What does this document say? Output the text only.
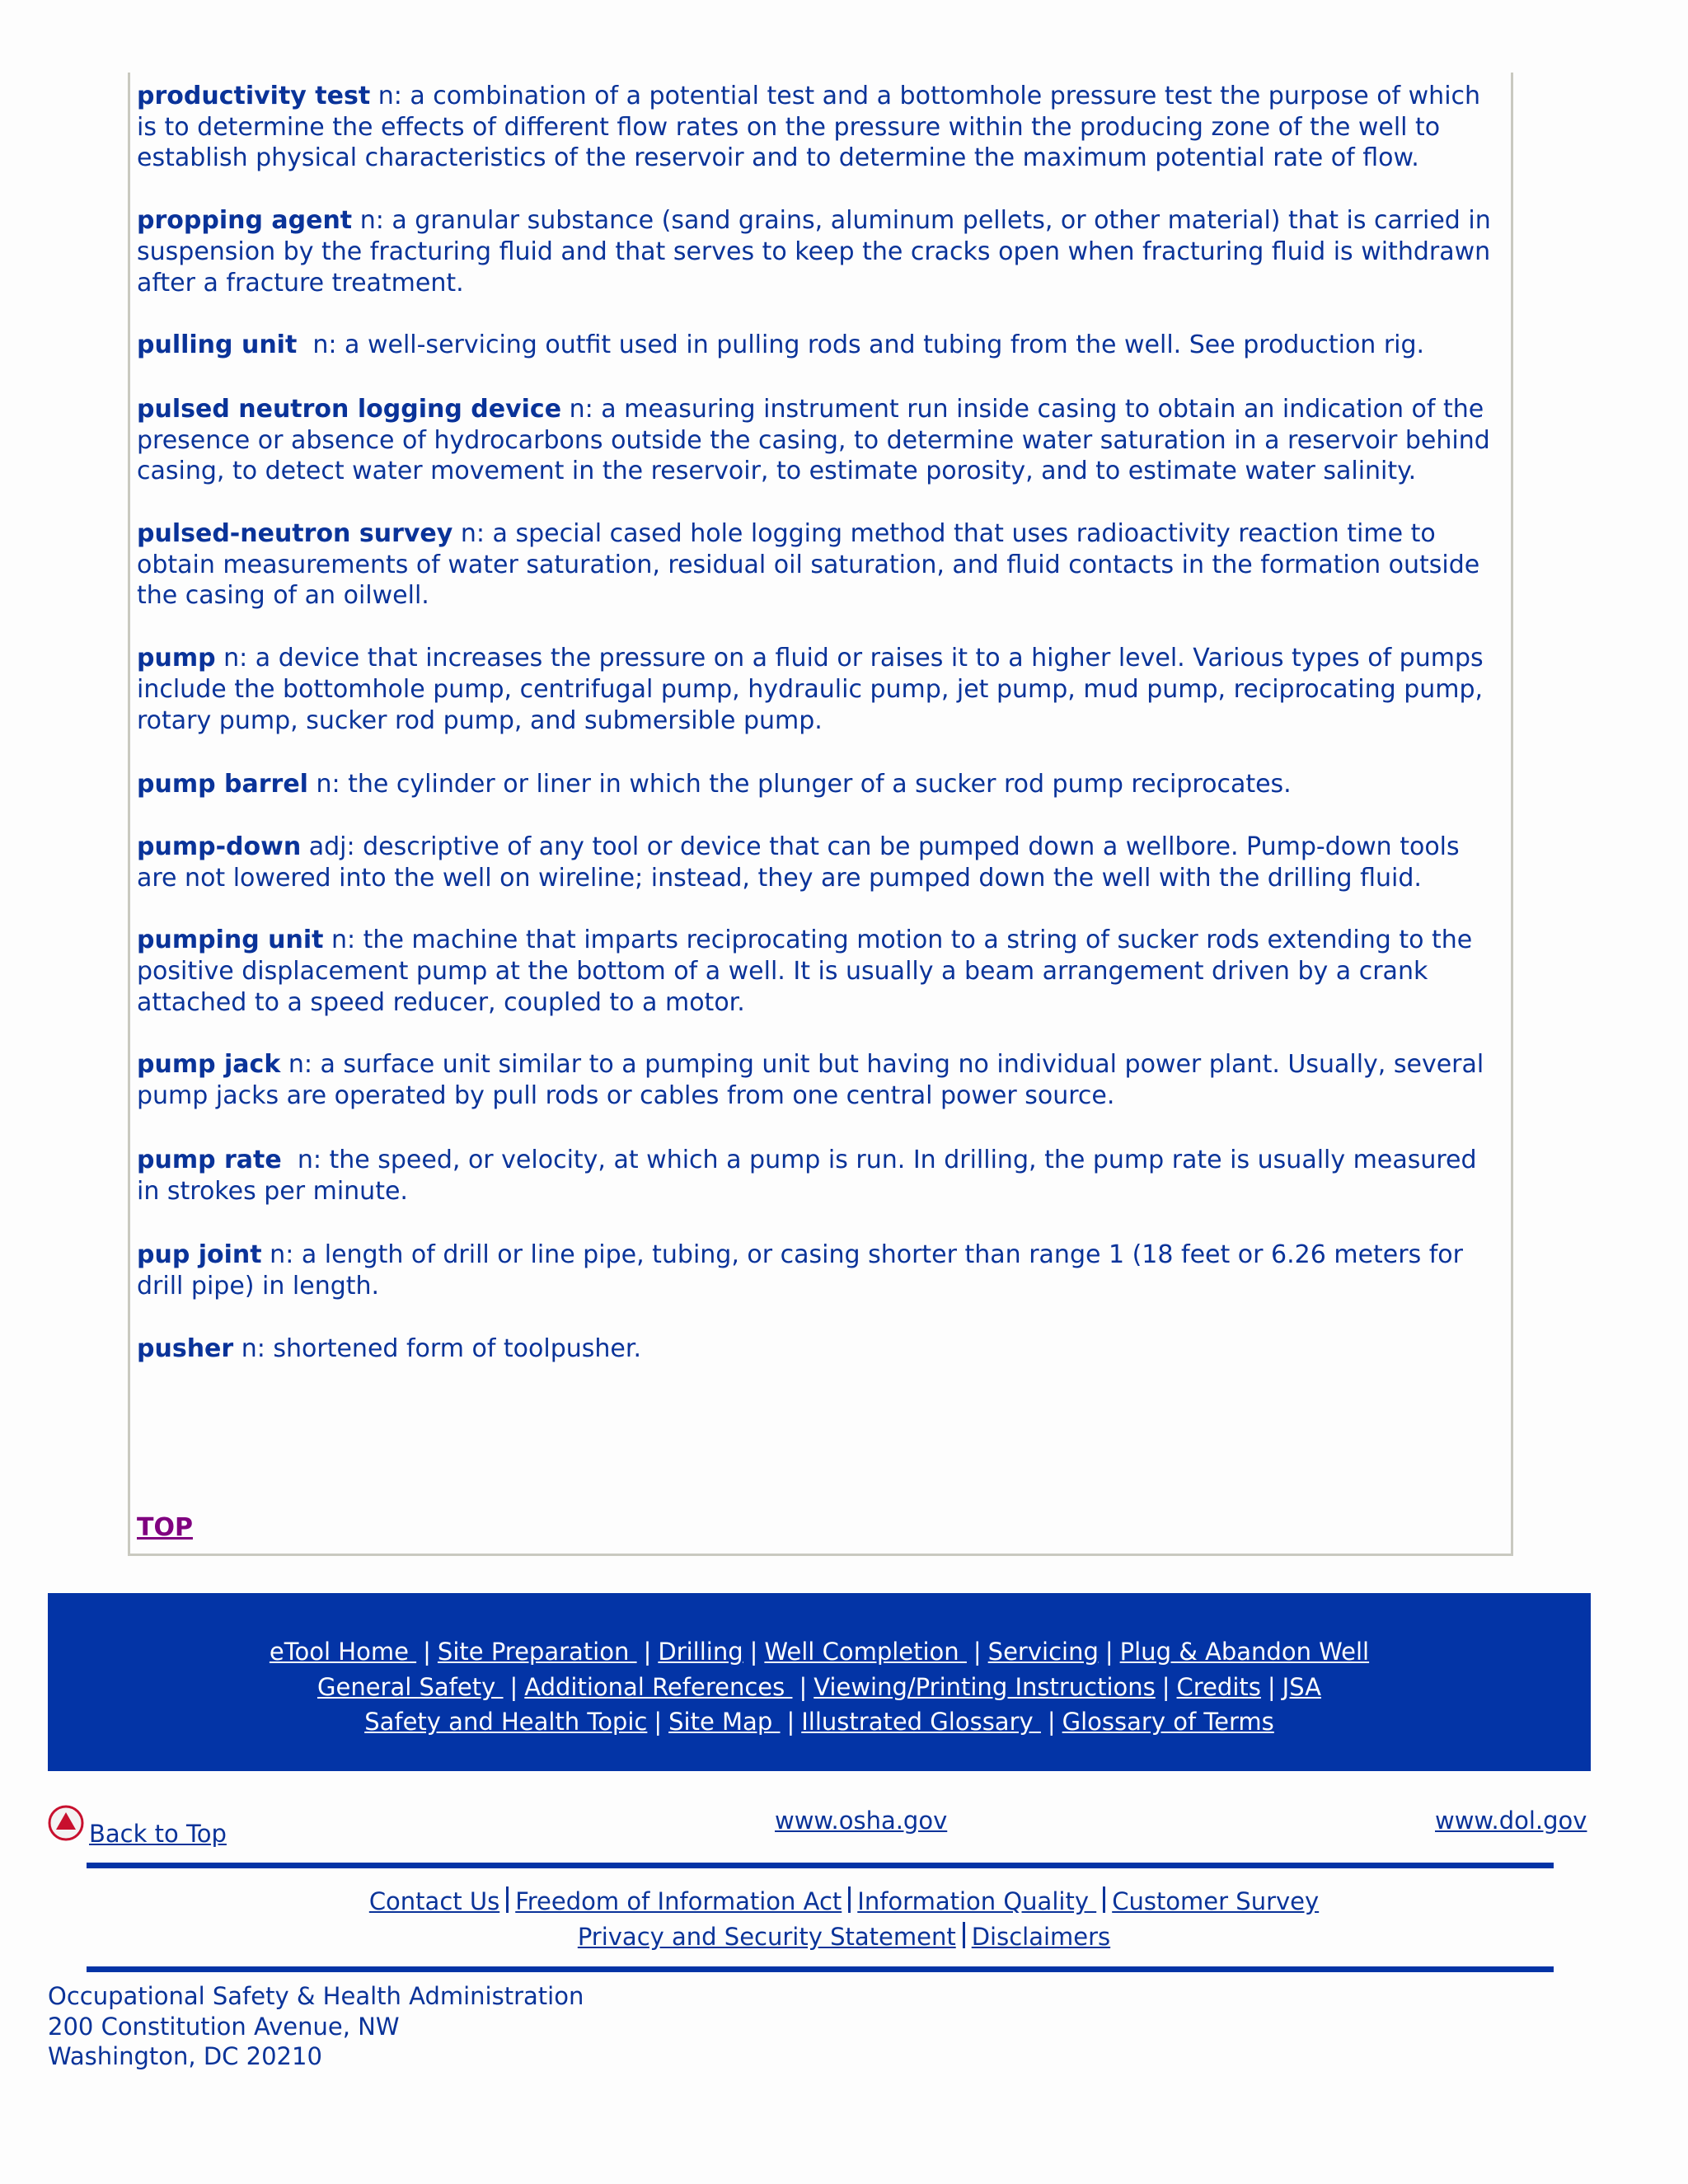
productivity test n: a combination of a potential test and a bottomhole pressure test the purpose of which is to determine the effects of different flow rates on the pressure within the producing zone of the well to establish physical characteristics of the reservoir and to determine the maximum potential rate of flow.

propping agent n: a granular substance (sand grains, aluminum pellets, or other material) that is carried in suspension by the fracturing fluid and that serves to keep the cracks open when fracturing fluid is withdrawn after a fracture treatment.

pulling unit  n: a well-servicing outfit used in pulling rods and tubing from the well. See production rig.

pulsed neutron logging device n: a measuring instrument run inside casing to obtain an indication of the presence or absence of hydrocarbons outside the casing, to determine water saturation in a reservoir behind casing, to detect water movement in the reservoir, to estimate porosity, and to estimate water salinity.

pulsed-neutron survey n: a special cased hole logging method that uses radioactivity reaction time to obtain measurements of water saturation, residual oil saturation, and fluid contacts in the formation outside the casing of an oilwell.

pump n: a device that increases the pressure on a fluid or raises it to a higher level. Various types of pumps include the bottomhole pump, centrifugal pump, hydraulic pump, jet pump, mud pump, reciprocating pump, rotary pump, sucker rod pump, and submersible pump.

pump barrel n: the cylinder or liner in which the plunger of a sucker rod pump reciprocates.

pump-down adj: descriptive of any tool or device that can be pumped down a wellbore. Pump-down tools are not lowered into the well on wireline; instead, they are pumped down the well with the drilling fluid.

pumping unit n: the machine that imparts reciprocating motion to a string of sucker rods extending to the positive displacement pump at the bottom of a well. It is usually a beam arrangement driven by a crank attached to a speed reducer, coupled to a motor.

pump jack n: a surface unit similar to a pumping unit but having no individual power plant. Usually, several pump jacks are operated by pull rods or cables from one central power source.

pump rate  n: the speed, or velocity, at which a pump is run. In drilling, the pump rate is usually measured in strokes per minute.

pup joint n: a length of drill or line pipe, tubing, or casing shorter than range 1 (18 feet or 6.26 meters for drill pipe) in length.

pusher n: shortened form of toolpusher.

TOP
eTool Home | Site Preparation | Drilling | Well Completion | Servicing | Plug & Abandon Well
General Safety | Additional References | Viewing/Printing Instructions | Credits | JSA
Safety and Health Topic | Site Map | Illustrated Glossary | Glossary of Terms
Back to Top	www.osha.gov	www.dol.gov
Contact Us Freedom of Information Act Information Quality Customer Survey
Privacy and Security Statement Disclaimers
Occupational Safety & Health Administration
200 Constitution Avenue, NW
Washington, DC 20210
